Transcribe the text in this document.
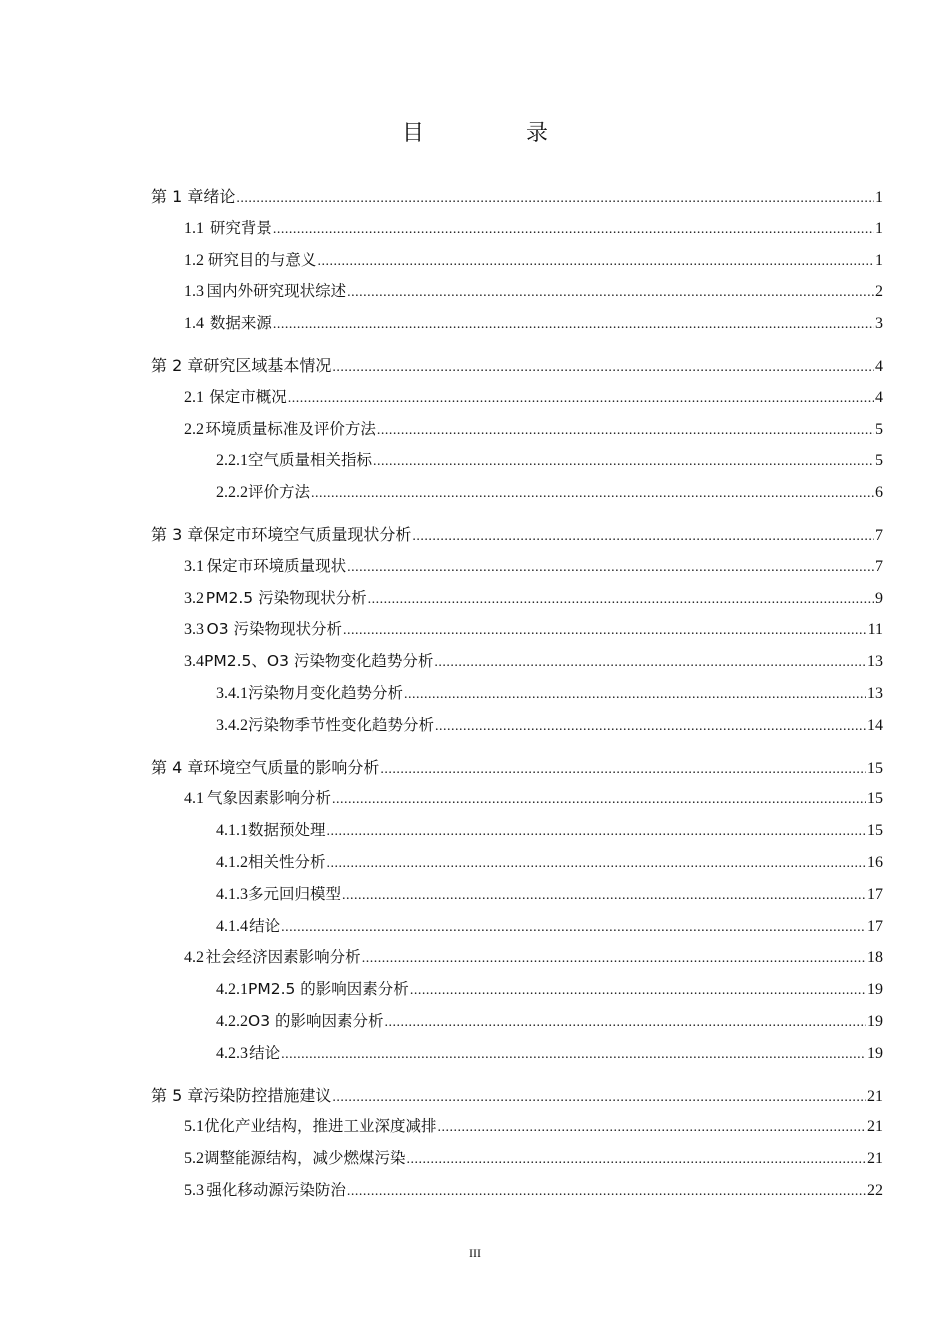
目　录
第 1 章 绪论 .....	1
1.1 研究背景 .....	1
1.2 研究目的与意义 .....	1
1.3 国内外研究现状综述 .....	2
1.4 数据来源 .....	3
第 2 章 研究区域基本情况 .....	4
2.1 保定市概况 .....	4
2.2 环境质量标准及评价方法 .....	5
2.2.1 空气质量相关指标 .....	5
2.2.2 评价方法 .....	6
第 3 章 保定市环境空气质量现状分析 .....	7
3.1 保定市环境质量现状 .....	7
3.2 PM2.5 污染物现状分析 .....	9
3.3 O3 污染物现状分析 .....	11
3.4 PM2.5、O3 污染物变化趋势分析 .....	13
3.4.1 污染物月变化趋势分析 .....	13
3.4.2 污染物季节性变化趋势分析 .....	14
第 4 章 环境空气质量的影响分析 .....	15
4.1 气象因素影响分析 .....	15
4.1.1 数据预处理 .....	15
4.1.2 相关性分析 .....	16
4.1.3 多元回归模型 .....	17
4.1.4 结论 .....	17
4.2 社会经济因素影响分析 .....	18
4.2.1 PM2.5 的影响因素分析 .....	19
4.2.2 O3 的影响因素分析 .....	19
4.2.3 结论 .....	19
第 5 章 污染防控措施建议 .....	21
5.1 优化产业结构，推进工业深度减排 .....	21
5.2 调整能源结构，减少燃煤污染 .....	21
5.3 强化移动源污染防治 .....	22
III
